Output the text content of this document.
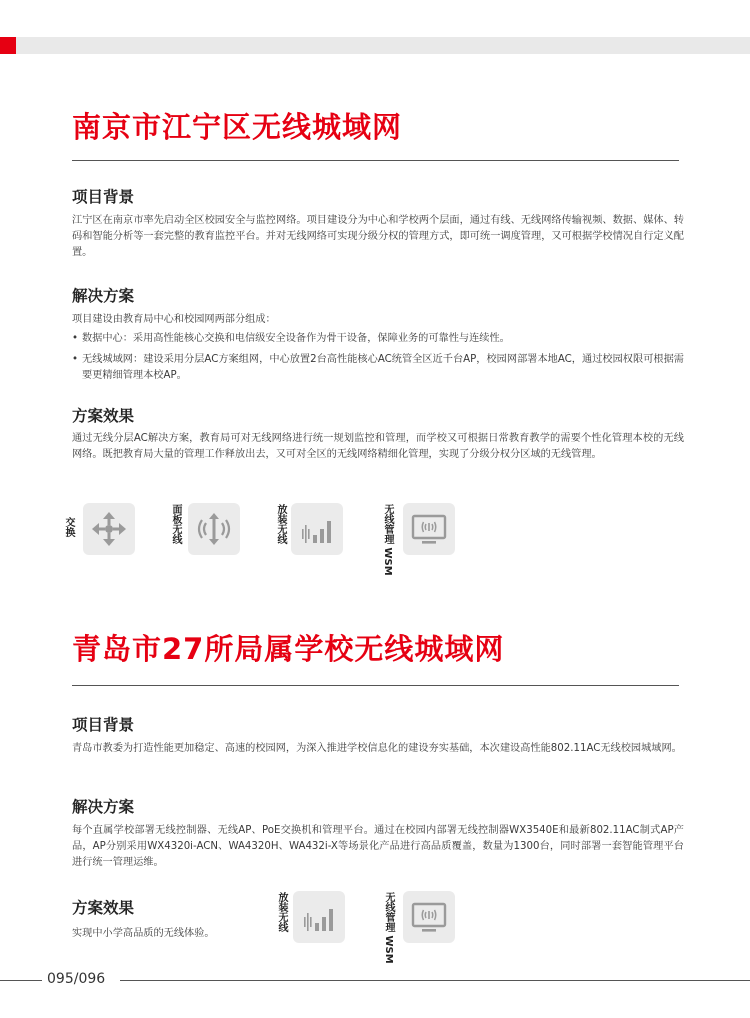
南京市江宁区无线城域网
项目背景
江宁区在南京市率先启动全区校园安全与监控网络。项目建设分为中心和学校两个层面，通过有线、无线网络传输视频、数据、媒体、转码和智能分析等一套完整的教育监控平台。并对无线网络可实现分级分权的管理方式，即可统一调度管理，又可根据学校情况自行定义配置。
解决方案
项目建设由教育局中心和校园网两部分组成：
• 数据中心：采用高性能核心交换和电信级安全设备作为骨干设备，保障业务的可靠性与连续性。
• 无线城域网：建设采用分层AC方案组网，中心放置2台高性能核心AC统管全区近千台AP，校园网部署本地AC，通过校园权限可根据需要更精细管理本校AP。
方案效果
通过无线分层AC解决方案，教育局可对无线网络进行统一规划监控和管理，而学校又可根据日常教育教学的需要个性化管理本校的无线网络。既把教育局大量的管理工作释放出去，又可对全区的无线网络精细化管理，实现了分级分权分区域的无线管理。
交换	面板无线	放装无线	无线管理 WSM
青岛市27所局属学校无线城域网
项目背景
青岛市教委为打造性能更加稳定、高速的校园网，为深入推进学校信息化的建设夯实基础，本次建设高性能802.11AC无线校园城域网。
解决方案
每个直属学校部署无线控制器、无线AP、PoE交换机和管理平台。通过在校园内部署无线控制器WX3540E和最新802.11AC制式AP产品，AP分别采用WX4320i-ACN、WA4320H、WA432i-X等场景化产品进行高品质覆盖，数量为1300台，同时部署一套智能管理平台进行统一管理运维。
方案效果
实现中小学高品质的无线体验。
放装无线	无线管理 WSM
095/096
